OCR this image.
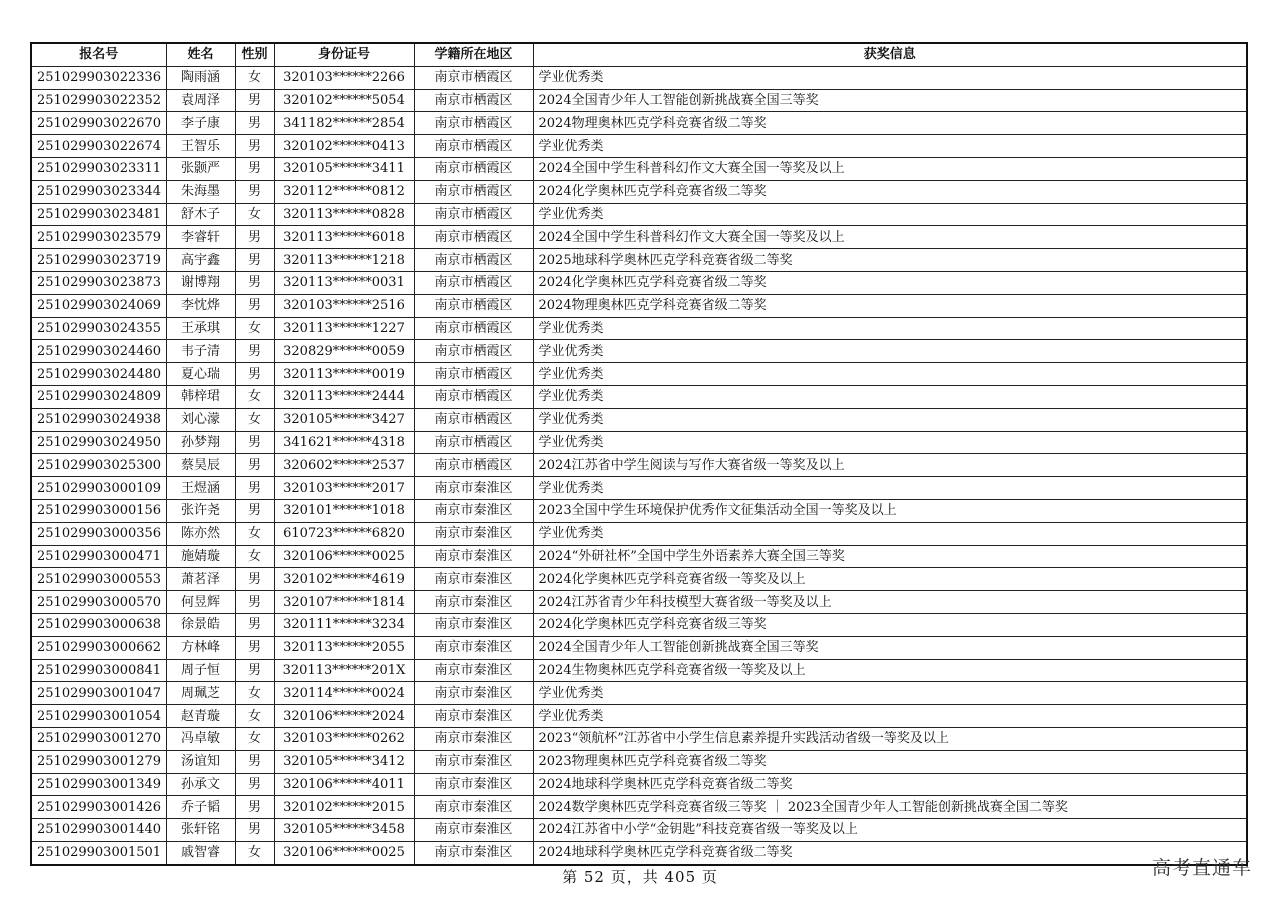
报名号	姓名	性别	身份证号	学籍所在地区	获奖信息
251029903022336	陶雨涵	女	320103******2266	南京市栖霞区	学业优秀类
251029903022352	袁周泽	男	320102******5054	南京市栖霞区	2024全国青少年人工智能创新挑战赛全国三等奖
251029903022670	李子康	男	341182******2854	南京市栖霞区	2024物理奥林匹克学科竞赛省级二等奖
251029903022674	王智乐	男	320102******0413	南京市栖霞区	学业优秀类
251029903023311	张颢严	男	320105******3411	南京市栖霞区	2024全国中学生科普科幻作文大赛全国一等奖及以上
251029903023344	朱海墨	男	320112******0812	南京市栖霞区	2024化学奥林匹克学科竞赛省级二等奖
251029903023481	舒木子	女	320113******0828	南京市栖霞区	学业优秀类
251029903023579	李睿轩	男	320113******6018	南京市栖霞区	2024全国中学生科普科幻作文大赛全国一等奖及以上
251029903023719	高宇鑫	男	320113******1218	南京市栖霞区	2025地球科学奥林匹克学科竞赛省级二等奖
251029903023873	谢博翔	男	320113******0031	南京市栖霞区	2024化学奥林匹克学科竞赛省级二等奖
251029903024069	李忱烨	男	320103******2516	南京市栖霞区	2024物理奥林匹克学科竞赛省级二等奖
251029903024355	王承琪	女	320113******1227	南京市栖霞区	学业优秀类
251029903024460	韦子清	男	320829******0059	南京市栖霞区	学业优秀类
251029903024480	夏心瑞	男	320113******0019	南京市栖霞区	学业优秀类
251029903024809	韩梓珺	女	320113******2444	南京市栖霞区	学业优秀类
251029903024938	刘心濛	女	320105******3427	南京市栖霞区	学业优秀类
251029903024950	孙梦翔	男	341621******4318	南京市栖霞区	学业优秀类
251029903025300	蔡昊辰	男	320602******2537	南京市栖霞区	2024江苏省中学生阅读与写作大赛省级一等奖及以上
251029903000109	王煜涵	男	320103******2017	南京市秦淮区	学业优秀类
251029903000156	张许尧	男	320101******1018	南京市秦淮区	2023全国中学生环境保护优秀作文征集活动全国一等奖及以上
251029903000356	陈亦然	女	610723******6820	南京市秦淮区	学业优秀类
251029903000471	施婧璇	女	320106******0025	南京市秦淮区	2024“外研社杯”全国中学生外语素养大赛全国三等奖
251029903000553	萧茗泽	男	320102******4619	南京市秦淮区	2024化学奥林匹克学科竞赛省级一等奖及以上
251029903000570	何昱辉	男	320107******1814	南京市秦淮区	2024江苏省青少年科技模型大赛省级一等奖及以上
251029903000638	徐景皓	男	320111******3234	南京市秦淮区	2024化学奥林匹克学科竞赛省级三等奖
251029903000662	方林峰	男	320113******2055	南京市秦淮区	2024全国青少年人工智能创新挑战赛全国三等奖
251029903000841	周子恒	男	320113******201X	南京市秦淮区	2024生物奥林匹克学科竞赛省级一等奖及以上
251029903001047	周珮芝	女	320114******0024	南京市秦淮区	学业优秀类
251029903001054	赵青璇	女	320106******2024	南京市秦淮区	学业优秀类
251029903001270	冯卓敏	女	320103******0262	南京市秦淮区	2023“领航杯”江苏省中小学生信息素养提升实践活动省级一等奖及以上
251029903001279	汤谊知	男	320105******3412	南京市秦淮区	2023物理奥林匹克学科竞赛省级二等奖
251029903001349	孙承文	男	320106******4011	南京市秦淮区	2024地球科学奥林匹克学科竞赛省级二等奖
251029903001426	乔子韬	男	320102******2015	南京市秦淮区	2024数学奥林匹克学科竞赛省级三等奖 ｜ 2023全国青少年人工智能创新挑战赛全国二等奖
251029903001440	张轩铭	男	320105******3458	南京市秦淮区	2024江苏省中小学“金钥匙”科技竞赛省级一等奖及以上
251029903001501	戚智睿	女	320106******0025	南京市秦淮区	2024地球科学奥林匹克学科竞赛省级二等奖
第 52 页，共 405 页	高考直通车
